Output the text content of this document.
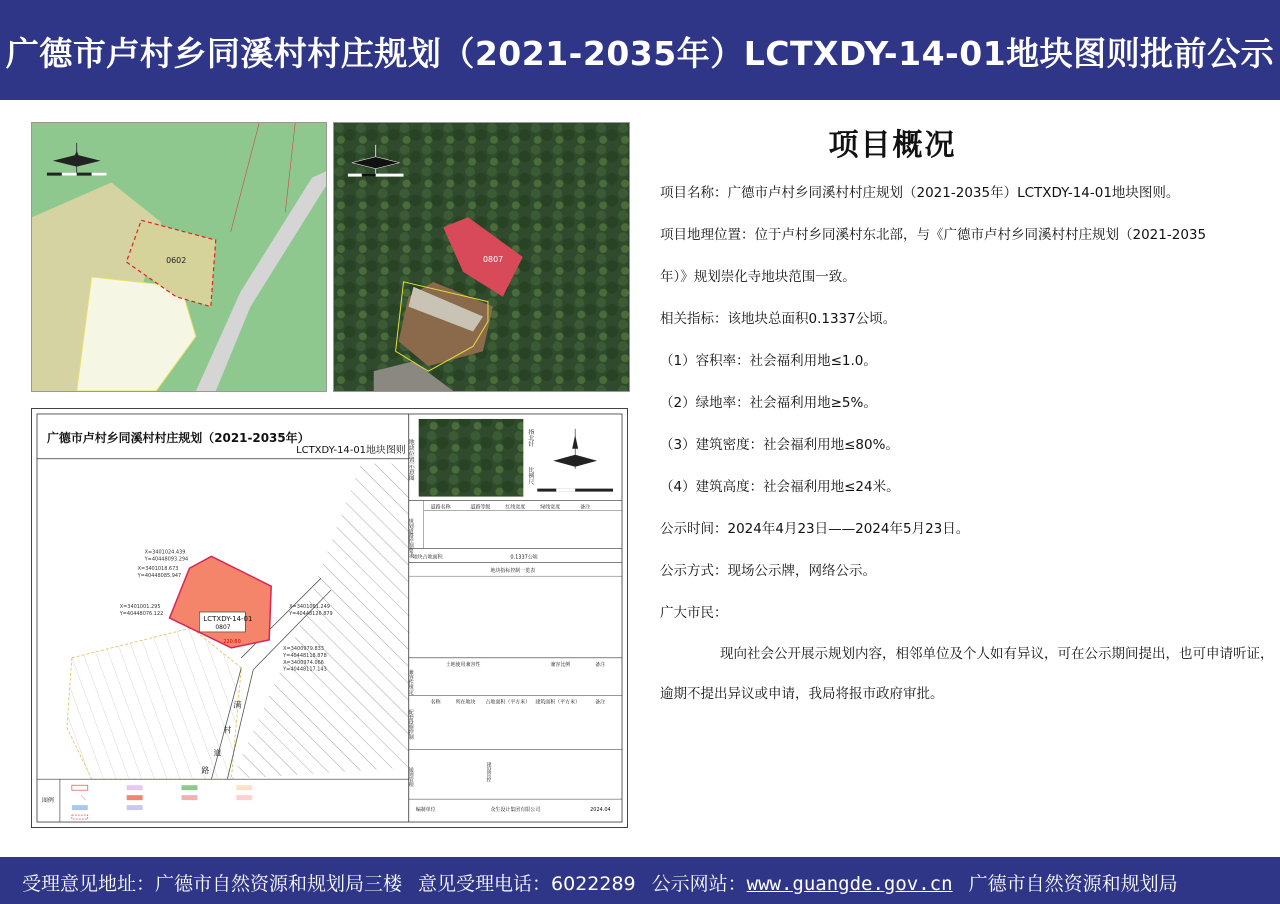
广德市卢村乡同溪村村庄规划（2021-2035年）LCTXDY-14-01地块图则批前公示
0602	0807
广德市卢村乡同溪村村庄规划（2021-2035年）
LCTXDY-14-01地块图则
LCTXDY-14-01
0807
220.60
X=3401024.439
Y=40448093.294
X=3401018.673
Y=40448085.947
X=3401001.295
Y=40448076.122
X=3401001.249
Y=40448126.879
X=3400979.833
Y=40448118.878
X=3400974.066
Y=40448117.143
满
村
道
路
图例
地块位置示意图
指北针
比例尺
规划道路控制要求
道路名称	道路等级	红线宽度	绿线宽度	备注
地块占地面积	0.1337公顷
地块指标控制一览表
兼容性规定
土地使用兼容性	兼容比例	备注
配套设施控制
名称	所在地块 占地面积（平方米） 建筑面积（平方米）	备注
通则管理	建设管控
编制单位	众生设计集团有限公司	2024.04
项目概况
项目名称：广德市卢村乡同溪村村庄规划（2021-2035年）LCTXDY-14-01地块图则。
项目地理位置：位于卢村乡同溪村东北部，与《广德市卢村乡同溪村村庄规划（2021-2035
年）》规划崇化寺地块范围一致。
相关指标：该地块总面积0.1337公顷。
（1）容积率：社会福利用地≤1.0。
（2）绿地率：社会福利用地≥5%。
（3）建筑密度：社会福利用地≤80%。
（4）建筑高度：社会福利用地≤24米。
公示时间：2024年4月23日——2024年5月23日。
公示方式：现场公示牌，网络公示。
广大市民：
现向社会公开展示规划内容，相邻单位及个人如有异议，可在公示期间提出，也可申请听证，逾期不提出异议或申请，我局将报市政府审批。
受理意见地址：广德市自然资源和规划局三楼 意见受理电话：6022289 公示网站：www.guangde.gov.cn 广德市自然资源和规划局
